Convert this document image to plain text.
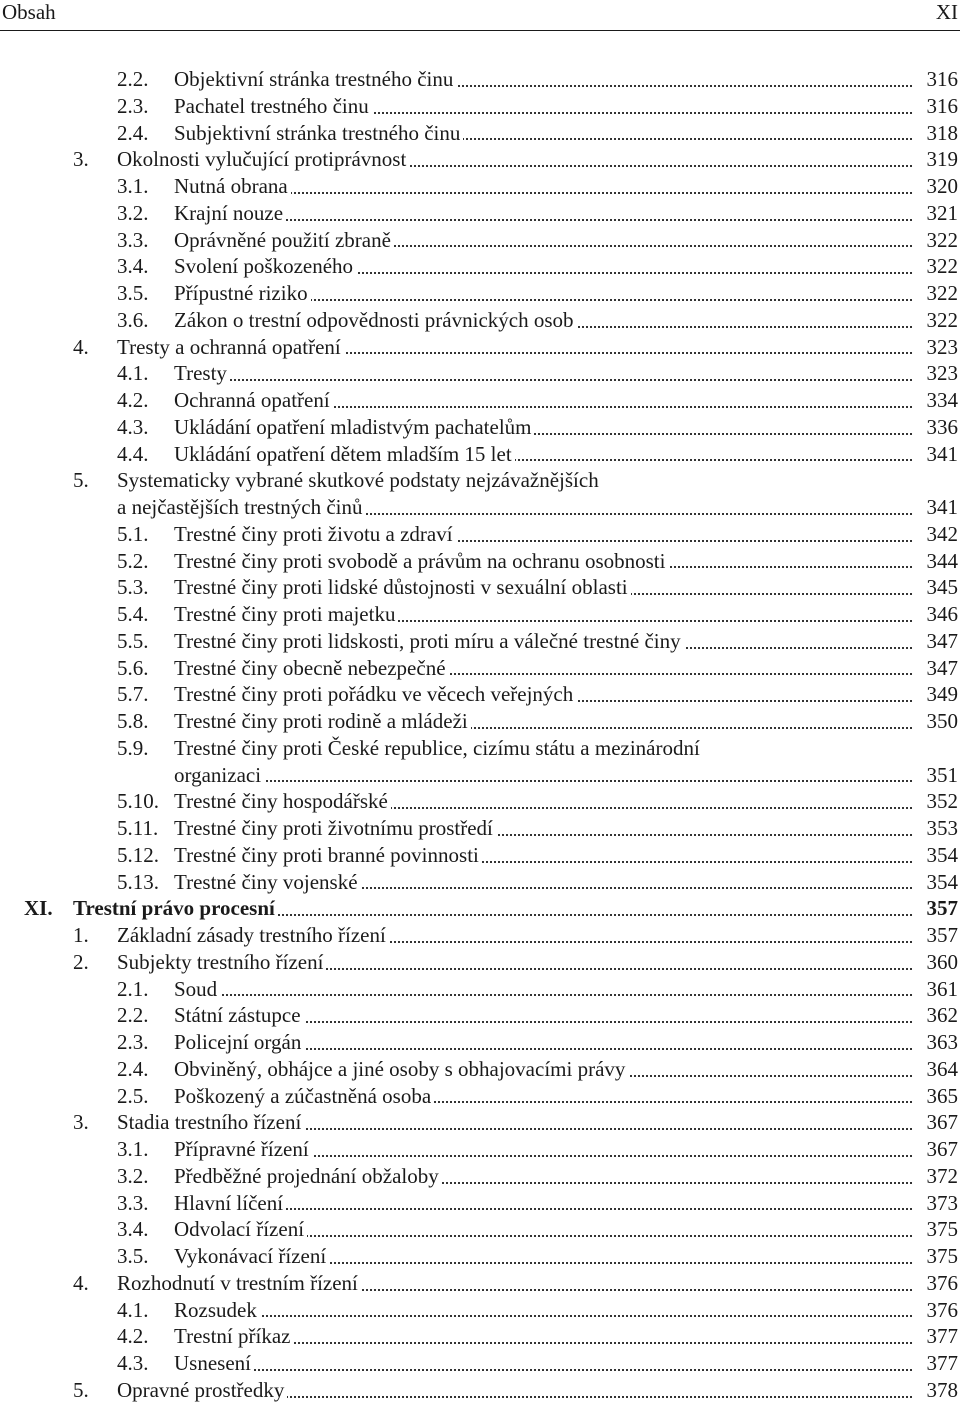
Obsah	XI
2.2. Objektivní stránka trestného činu	316
2.3. Pachatel trestného činu	316
2.4. Subjektivní stránka trestného činu	318
3. Okolnosti vylučující protiprávnost	319
3.1. Nutná obrana	320
3.2. Krajní nouze	321
3.3. Oprávněné použití zbraně	322
3.4. Svolení poškozeného	322
3.5. Přípustné riziko	322
3.6. Zákon o trestní odpovědnosti právnických osob	322
4. Tresty a ochranná opatření	323
4.1. Tresty	323
4.2. Ochranná opatření	334
4.3. Ukládání opatření mladistvým pachatelům	336
4.4. Ukládání opatření dětem mladším 15 let	341
5. Systematicky vybrané skutkové podstaty nejzávažnějších
a nejčastějších trestných činů	341
5.1. Trestné činy proti životu a zdraví	342
5.2. Trestné činy proti svobodě a právům na ochranu osobnosti	344
5.3. Trestné činy proti lidské důstojnosti v sexuální oblasti	345
5.4. Trestné činy proti majetku	346
5.5. Trestné činy proti lidskosti, proti míru a válečné trestné činy	347
5.6. Trestné činy obecně nebezpečné	347
5.7. Trestné činy proti pořádku ve věcech veřejných	349
5.8. Trestné činy proti rodině a mládeži	350
5.9. Trestné činy proti České republice, cizímu státu a mezinárodní
organizaci	351
5.10. Trestné činy hospodářské	352
5.11. Trestné činy proti životnímu prostředí	353
5.12. Trestné činy proti branné povinnosti	354
5.13. Trestné činy vojenské	354
XI. Trestní právo procesní	357
1. Základní zásady trestního řízení	357
2. Subjekty trestního řízení	360
2.1. Soud	361
2.2. Státní zástupce	362
2.3. Policejní orgán	363
2.4. Obviněný, obhájce a jiné osoby s obhajovacími právy	364
2.5. Poškozený a zúčastněná osoba	365
3. Stadia trestního řízení	367
3.1. Přípravné řízení	367
3.2. Předběžné projednání obžaloby	372
3.3. Hlavní líčení	373
3.4. Odvolací řízení	375
3.5. Vykonávací řízení	375
4. Rozhodnutí v trestním řízení	376
4.1. Rozsudek	376
4.2. Trestní příkaz	377
4.3. Usnesení	377
5. Opravné prostředky	378
